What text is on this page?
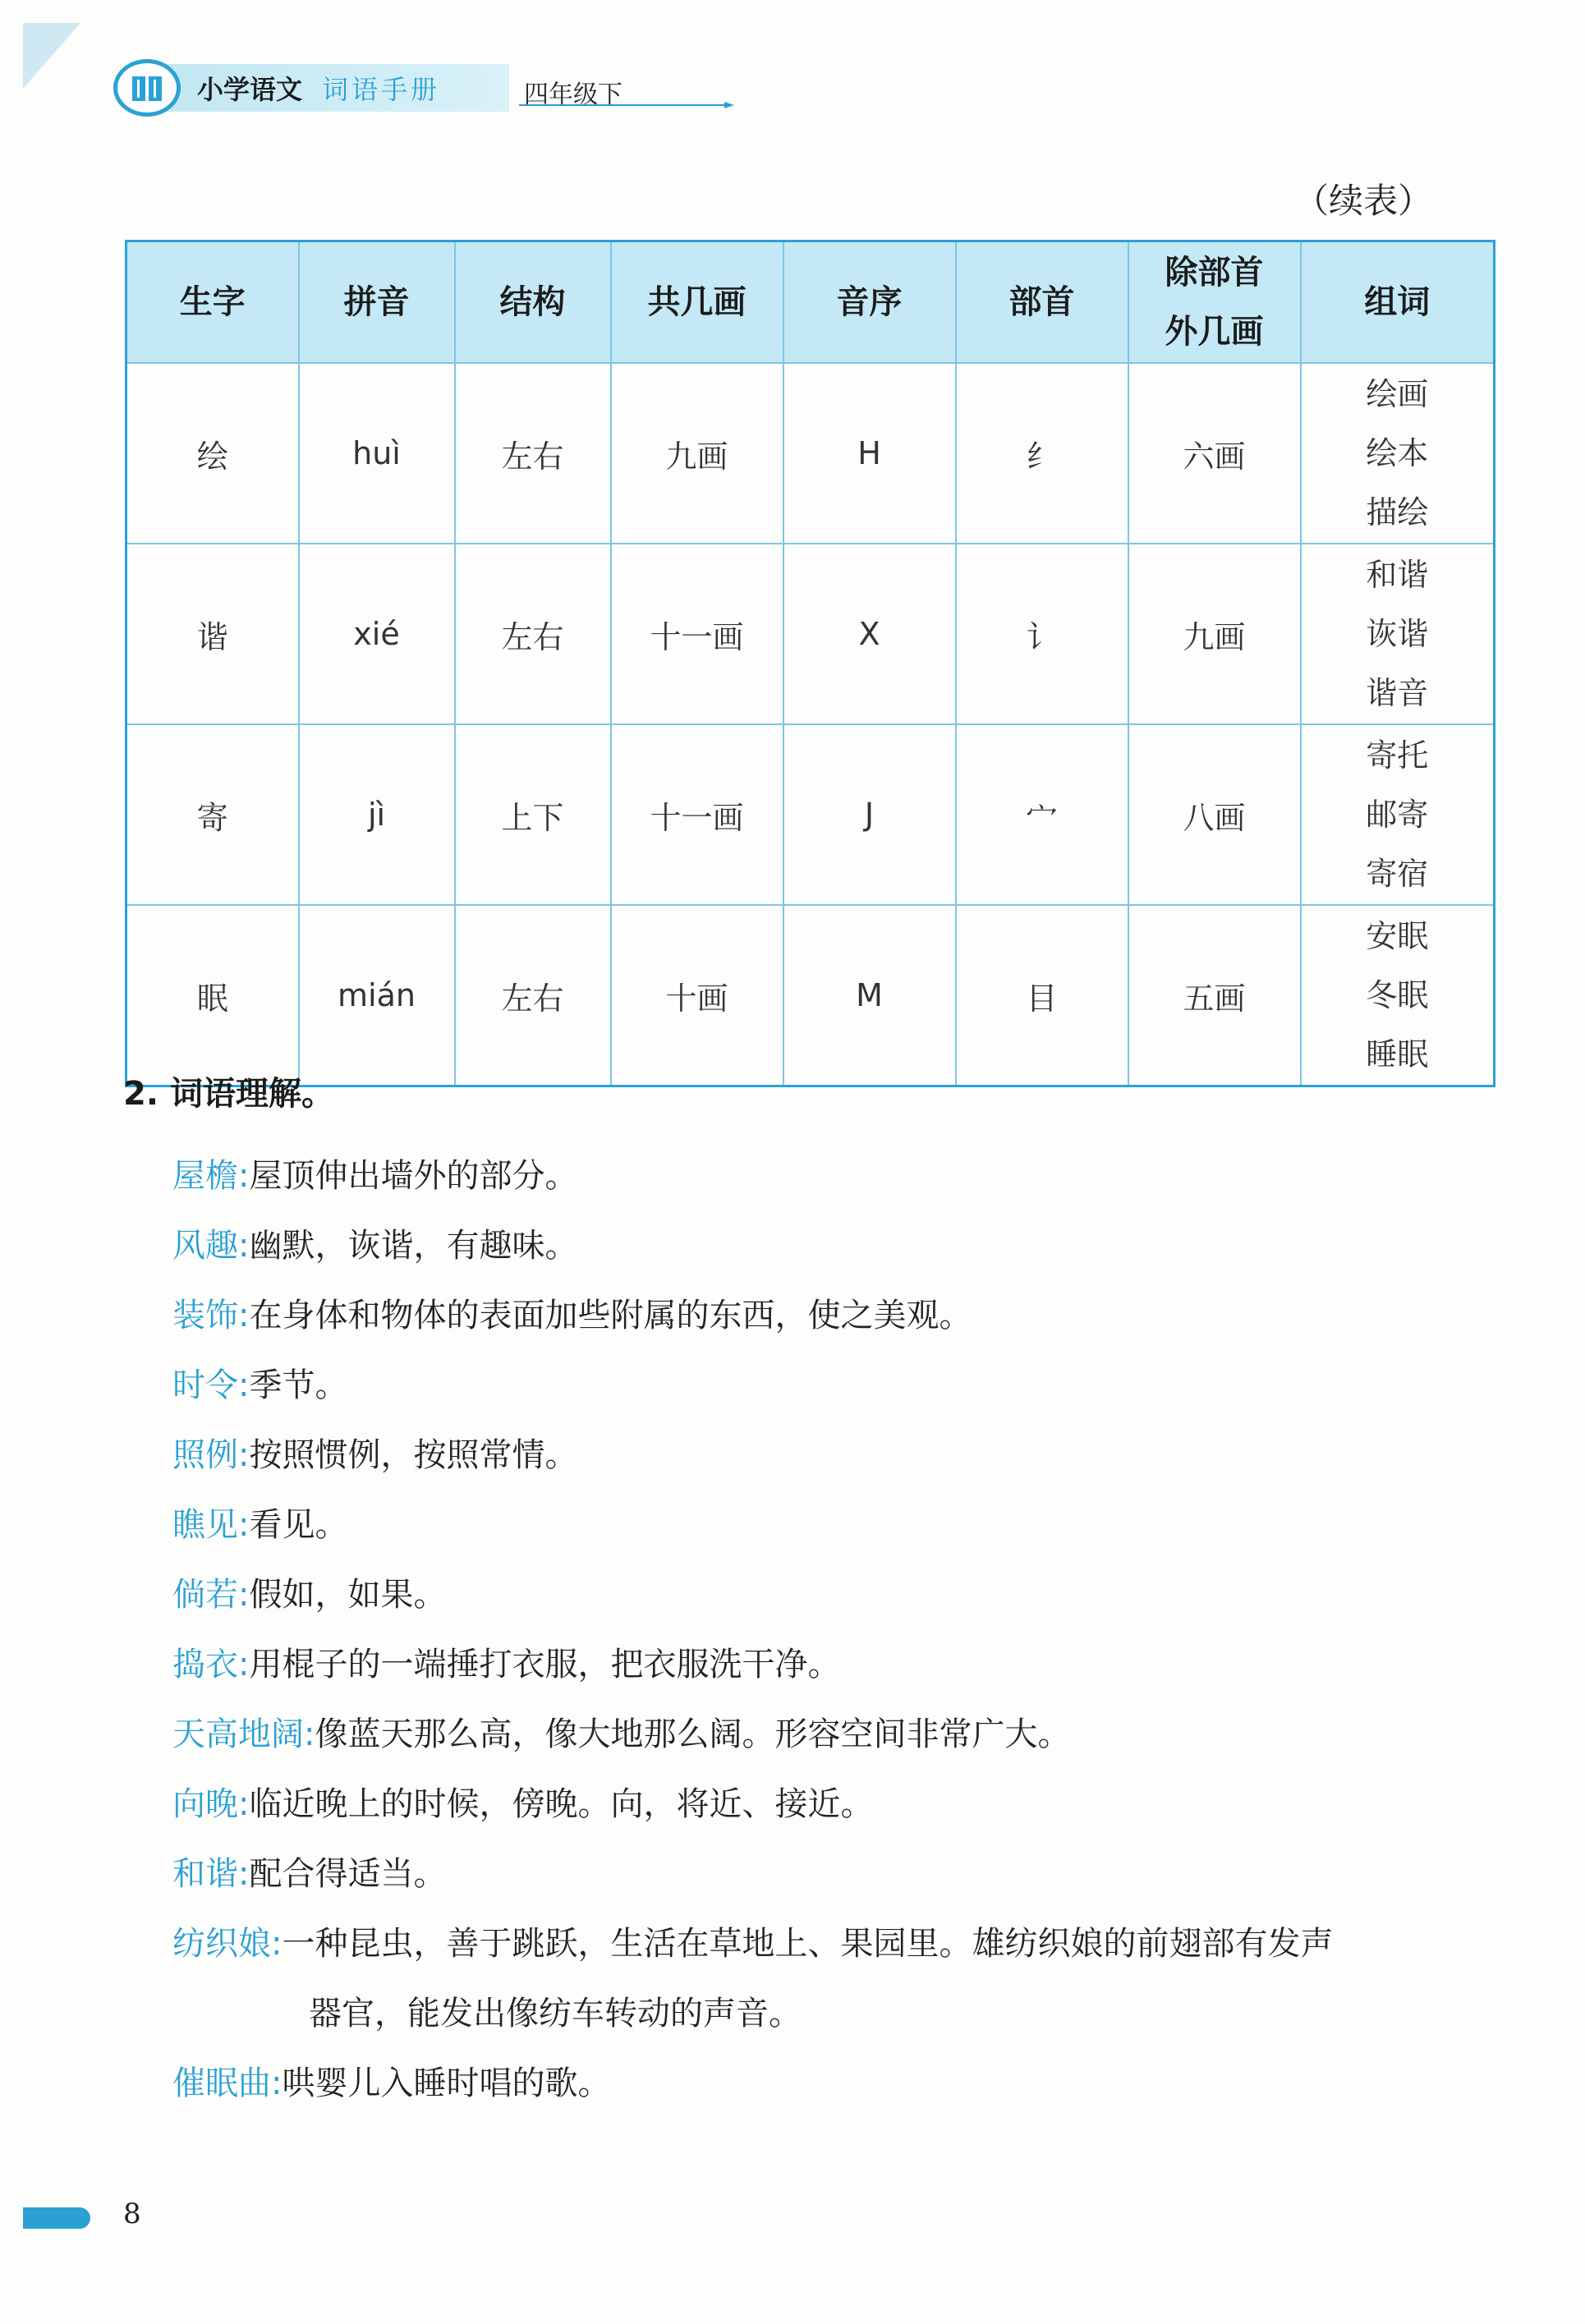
小学语文 词语手册	四年级下
（续表）
生字	拼音	结构	共几画	音序	部首	除部首
外几画	组词
绘	huì	左右	九画	H	纟	六画	绘画
绘本
描绘

谐	xié	左右	十一画	X	讠	九画	和谐
诙谐
谐音

寄	jì	上下	十一画	J	宀	八画	寄托
邮寄
寄宿

眠	mián	左右	十画	M	目	五画	安眠
冬眠
睡眠
2. 词语理解。
屋檐:屋顶伸出墙外的部分。
风趣:幽默，诙谐，有趣味。
装饰:在身体和物体的表面加些附属的东西，使之美观。
时令:季节。
照例:按照惯例，按照常情。
瞧见:看见。
倘若:假如，如果。
捣衣:用棍子的一端捶打衣服，把衣服洗干净。
天高地阔:像蓝天那么高，像大地那么阔。形容空间非常广大。
向晚:临近晚上的时候，傍晚。向，将近、接近。
和谐:配合得适当。
纺织娘:一种昆虫，善于跳跃，生活在草地上、果园里。雄纺织娘的前翅部有发声
器官，能发出像纺车转动的声音。
催眠曲:哄婴儿入睡时唱的歌。
8
